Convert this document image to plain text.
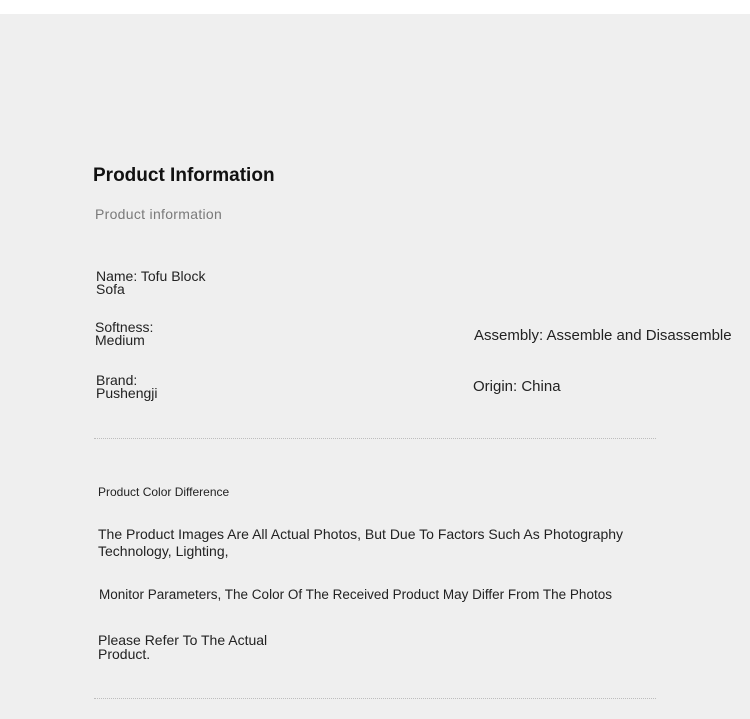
Product Information
Product information
Name: Tofu Block Sofa
Softness: Medium
Brand: Pushengji
Assembly: Assemble and Disassemble
Origin: China
Product Color Difference
The Product Images Are All Actual Photos, But Due To Factors Such As Photography Technology, Lighting,
Monitor Parameters, The Color Of The Received Product May Differ From The Photos
Please Refer To The Actual Product.
